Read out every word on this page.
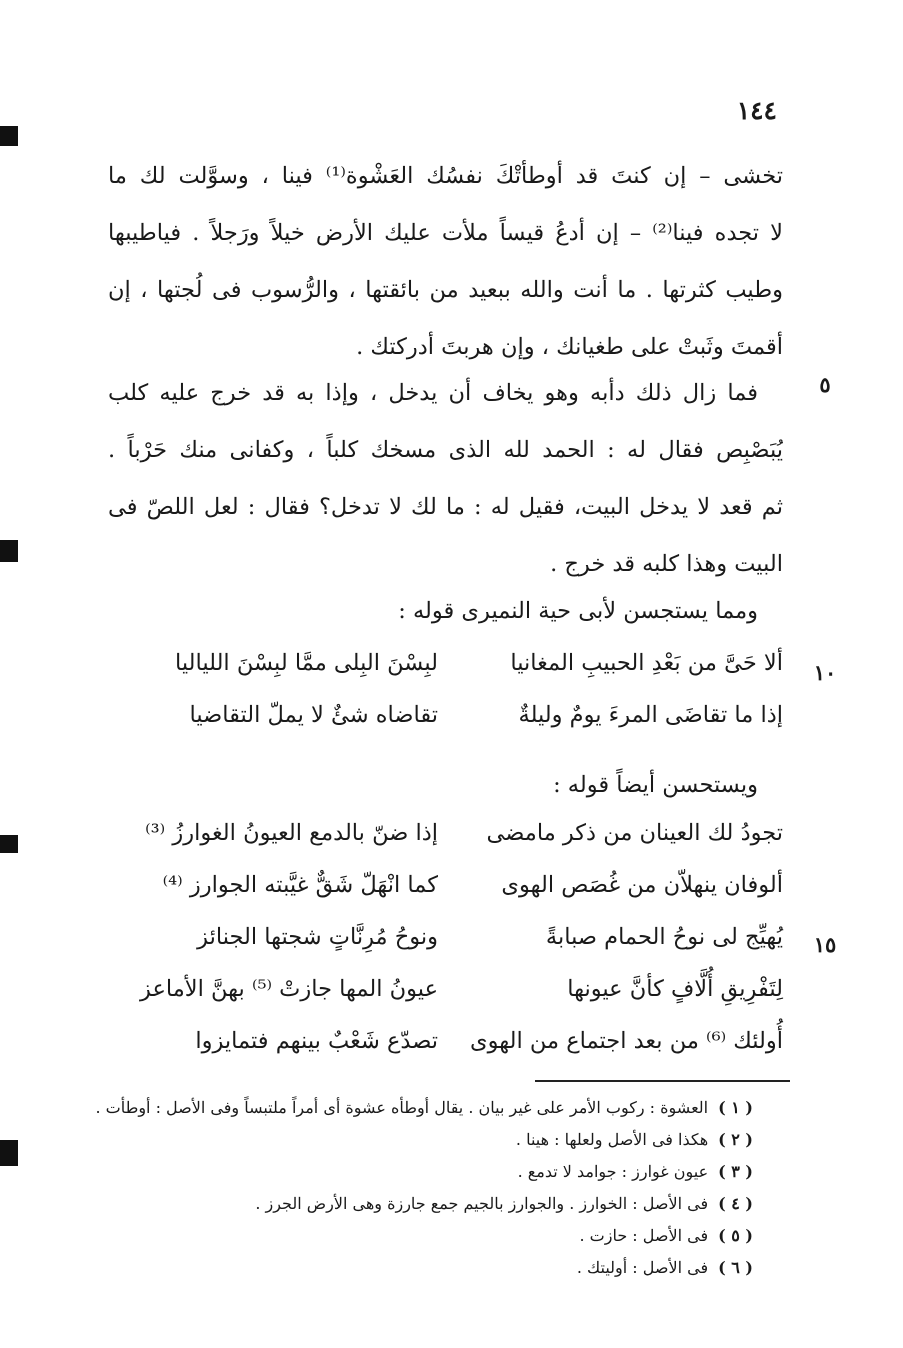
١٤٤
تخشى – إن كنتَ قد أوطأتْكَ نفسُك العَشْوة⁽¹⁾ فينا ، وسوَّلت لك ما
لا تجده فينا⁽²⁾ – إن أدعُ قيساً ملأت عليك الأرض خيلاً ورَجلاً . فياطيبها
وطيب كثرتها . ما أنت والله ببعيد من بائقتها ، والرُّسوب فى لُجتها ، إن
أقمتَ وثَبتْ على طغيانك ، وإن هربتَ أدركتك .
٥
فما زال ذلك دأبه وهو يخاف أن يدخل ، وإذا به قد خرج عليه كلب
يُبَصْبِص فقال له : الحمد لله الذى مسخك كلباً ، وكفانى منك حَرْباً .
ثم قعد لا يدخل البيت، فقيل له : ما لك لا تدخل؟ فقال : لعل اللصّ فى
البيت وهذا كلبه قد خرج .
ومما يستجسن لأبى حية النميرى قوله :
١٠
ألا حَىَّ من بَعْدِ الحبيبِ المغانيا
لبِسْنَ البِلى ممَّا لبِسْنَ اللياليا
إذا ما تقاضَى المرءَ يومٌ وليلةٌ
تقاضاه شئٌ لا يملّ التقاضيا
ويستحسن أيضاً قوله :
تجودُ لك العينان من ذكر مامضى
إذا ضنّ بالدمع العيونُ الغوارزُ ⁽³⁾
ألوفان ينهلاّن من غُصَص الهوى
كما انْهَلّ شَقٌّ غيَّبته الجوارز ⁽⁴⁾
١٥
يُهيِّج لى نوحُ الحمام صبابةً
ونوحُ مُرِنَّاتٍ شجتها الجنائز
لِتَفْرِيقِ أُلَّافٍ كأنَّ عيونها
عيونُ المها جازتْ ⁽⁵⁾ بهنَّ الأماعز
أُولئك ⁽⁶⁾ من بعد اجتماع من الهوى
تصدّع شَعْبٌ بينهم فتمايزوا
( ١ )العشوة : ركوب الأمر على غير بيان . يقال أوطأه عشوة أى أمراً ملتبساً وفى الأصل : أوطأت .
( ٢ )هكذا فى الأصل ولعلها : هينا .
( ٣ )عيون غوارز : جوامد لا تدمع .
( ٤ )فى الأصل : الخوارز . والجوارز بالجيم جمع جارزة وهى الأرض الجرز .
( ٥ )فى الأصل : حازت .
( ٦ )فى الأصل : أوليتك .
